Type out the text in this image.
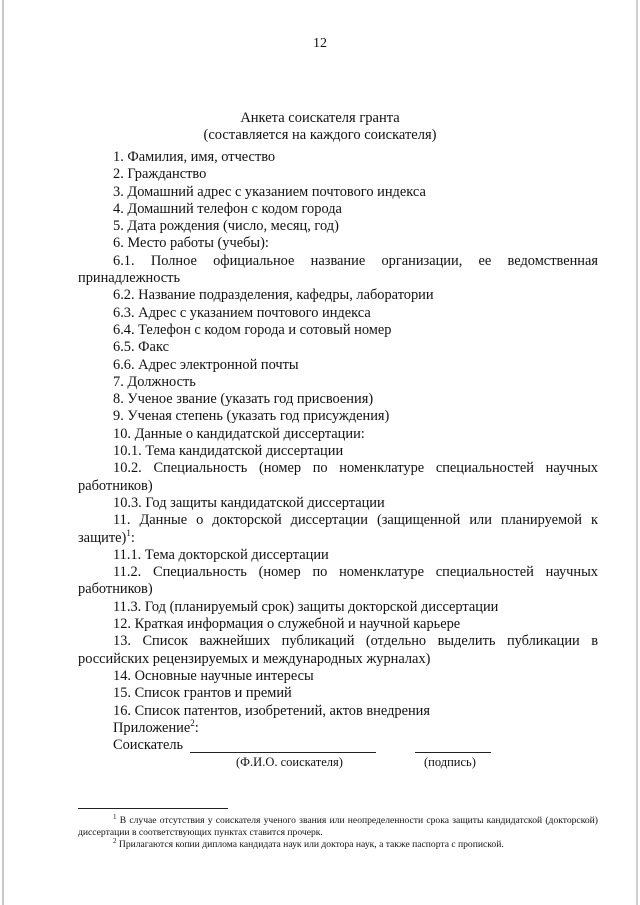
12
Анкета соискателя гранта
(составляется на каждого соискателя)

1. Фамилия, имя, отчество

2. Гражданство

3. Домашний адрес с указанием почтового индекса

4. Домашний телефон с кодом города

5. Дата рождения (число, месяц, год)

6. Место работы (учебы):

6.1. Полное официальное название организации, ее ведомственная принадлежность

6.2. Название подразделения, кафедры, лаборатории

6.3. Адрес с указанием почтового индекса

6.4. Телефон с кодом города и сотовый номер

6.5. Факс

6.6. Адрес электронной почты

7. Должность

8. Ученое звание (указать год присвоения)

9. Ученая степень (указать год присуждения)

10. Данные о кандидатской диссертации:

10.1. Тема кандидатской диссертации

10.2. Специальность (номер по номенклатуре специальностей научных работников)

10.3. Год защиты кандидатской диссертации

11. Данные о докторской диссертации (защищенной или планируемой к защите)$^1$:

11.1. Тема докторской диссертации

11.2. Специальность (номер по номенклатуре специальностей научных работников)

11.3. Год (планируемый срок) защиты докторской диссертации

12. Краткая информация о служебной и научной карьере

13. Список важнейших публикаций (отдельно выделить публикации в российских рецензируемых и международных журналах)

14. Основные научные интересы

15. Список грантов и премий

16. Список патентов, изобретений, актов внедрения

Приложение$^2$:

Соискатель
(Ф.И.О. соискателя)	(подпись)

$^1$ В случае отсутствия у соискателя ученого звания или неопределенности срока защиты кандидатской (докторской) диссертации в соответствующих пунктах ставится прочерк.

$^2$ Прилагаются копии диплома кандидата наук или доктора наук, а также паспорта с пропиской.
